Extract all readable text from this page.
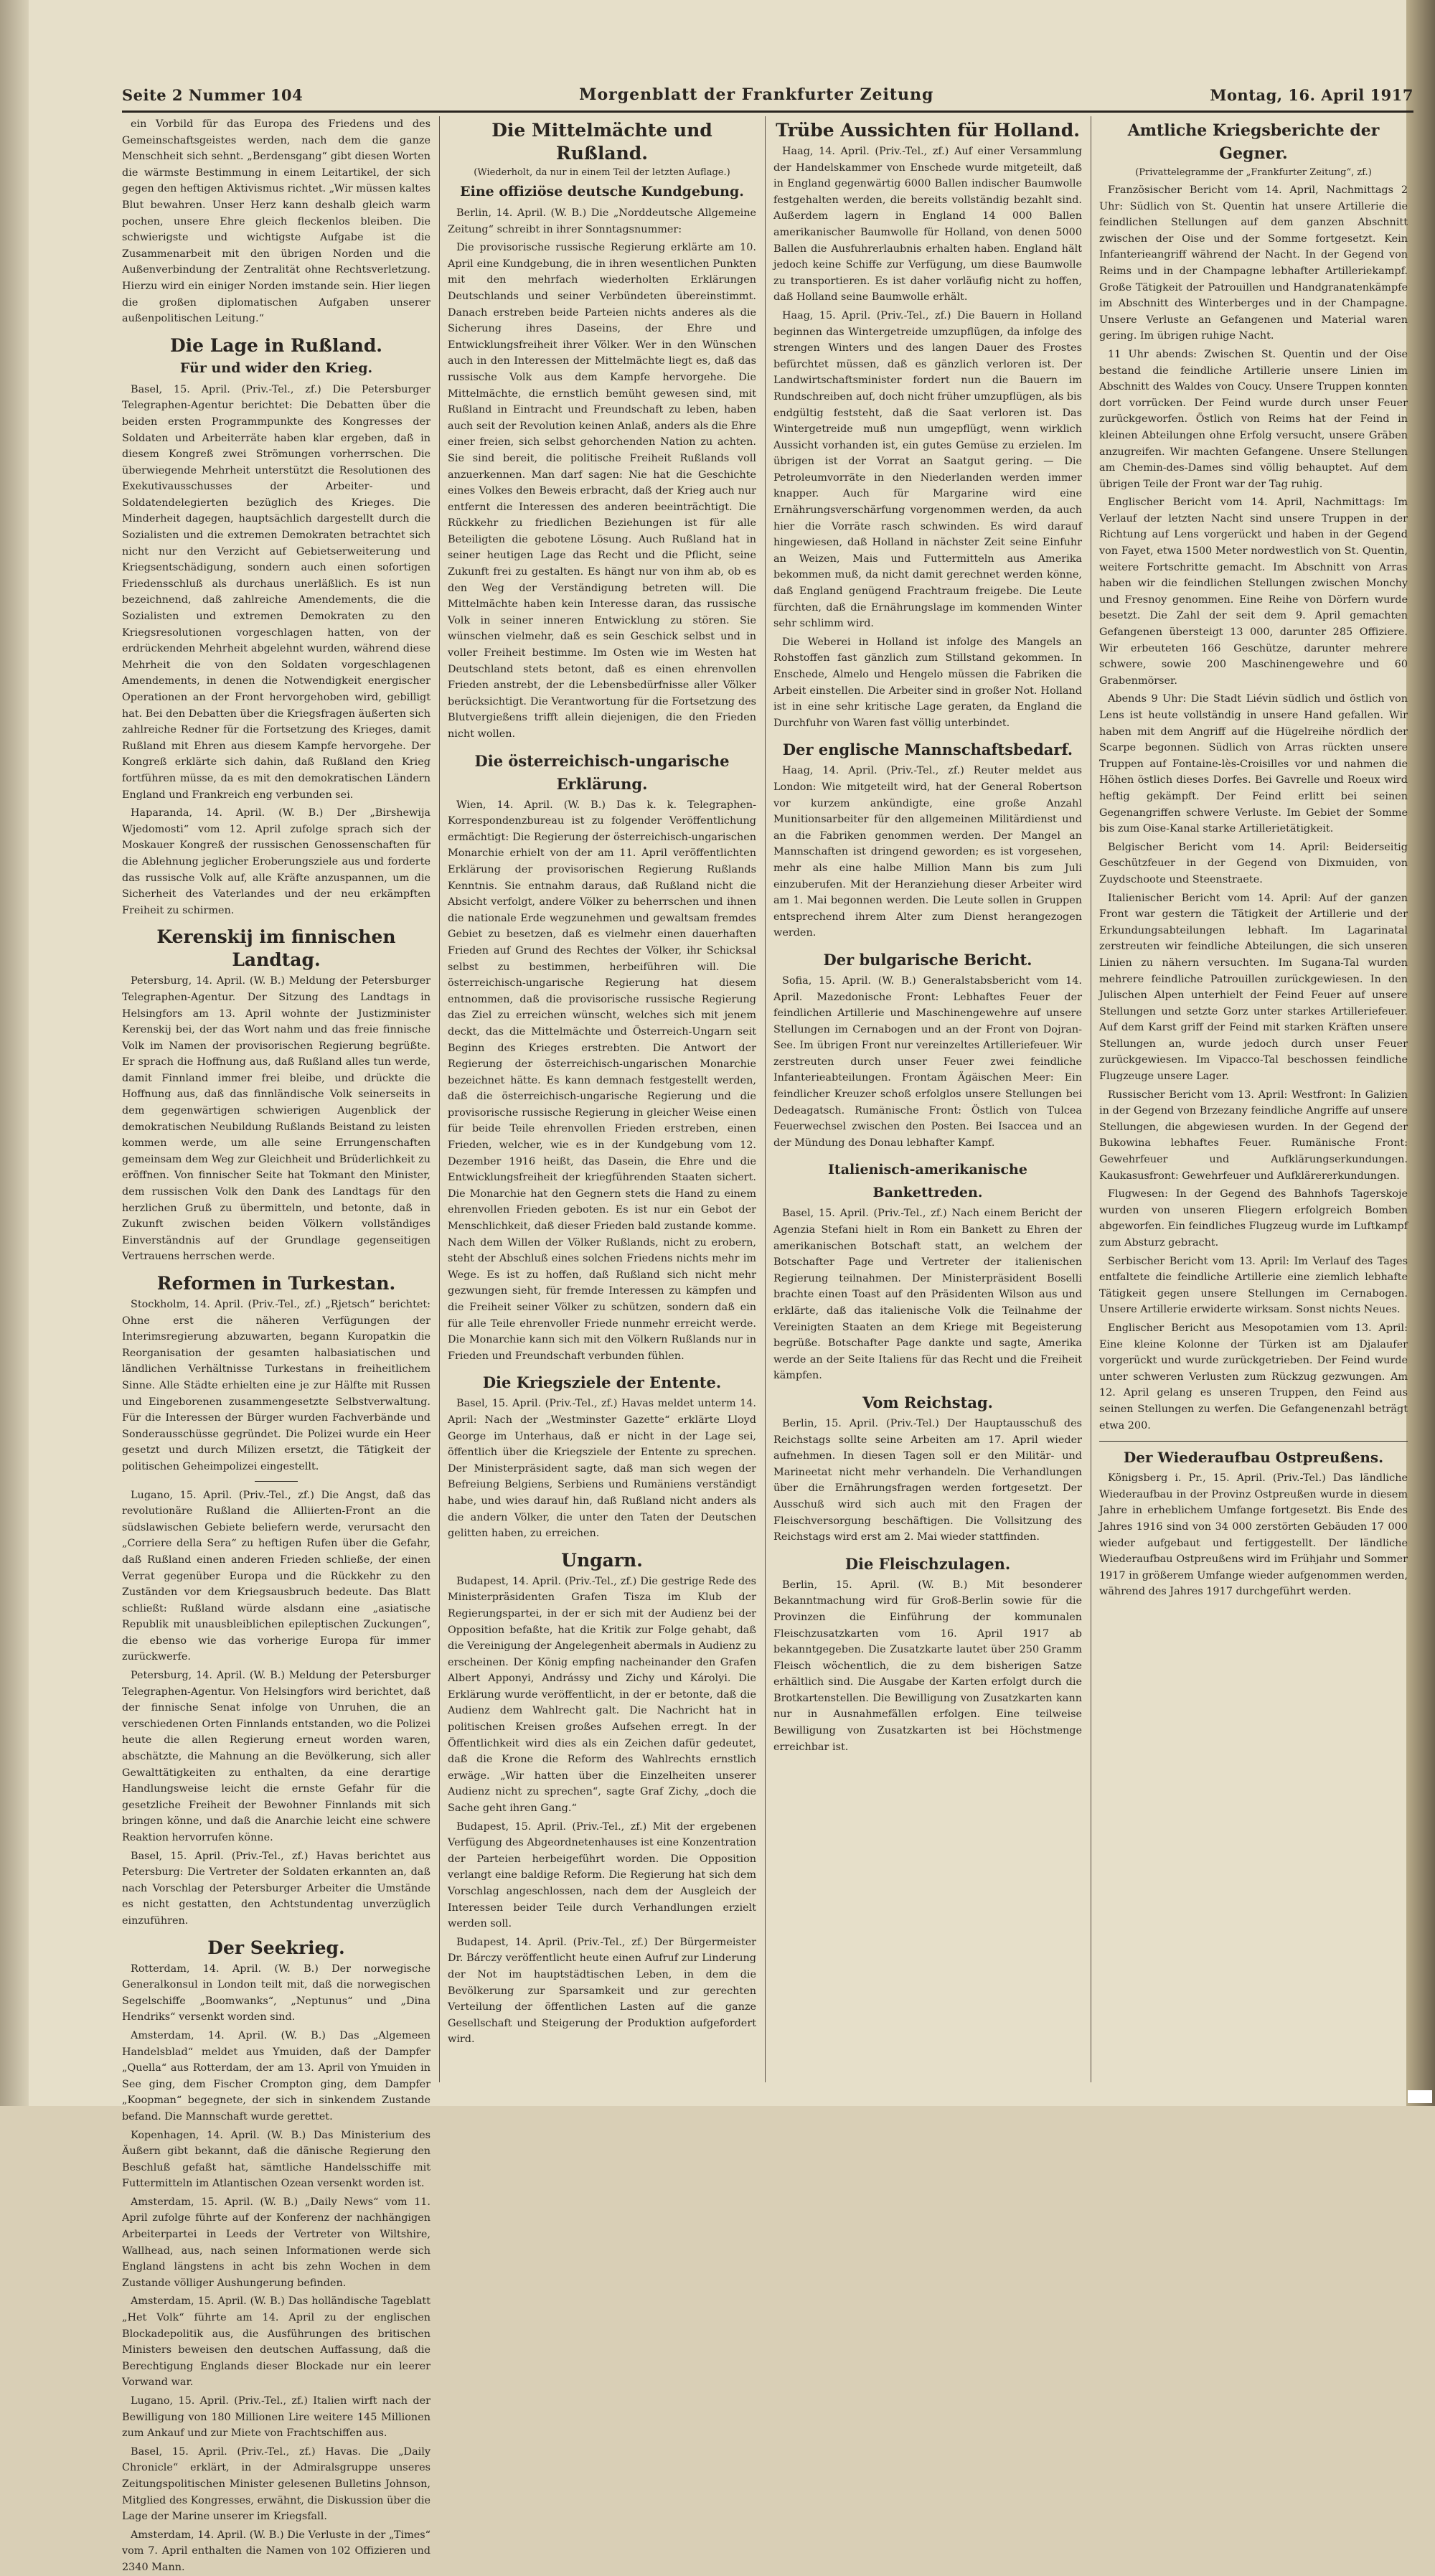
Seite 2 Nummer 104	Morgenblatt der Frankfurter Zeitung	Montag, 16. April 1917

ein Vorbild für das Europa des Friedens und des Gemeinschaftsgeistes werden, nach dem die ganze Menschheit sich sehnt. „Berdensgang“ gibt diesen Worten die wärmste Bestimmung in einem Leitartikel, der sich gegen den heftigen Aktivismus richtet. „Wir müssen kaltes Blut bewahren. Unser Herz kann deshalb gleich warm pochen, unsere Ehre gleich fleckenlos bleiben. Die schwierigste und wichtigste Aufgabe ist die Zusammenarbeit mit den übrigen Norden und die Außenverbindung der Zentralität ohne Rechtsverletzung. Hierzu wird ein einiger Norden imstande sein. Hier liegen die großen diplomatischen Aufgaben unserer außenpolitischen Leitung.“

Die Lage in Rußland.
Für und wider den Krieg.

Basel, 15. April. (Priv.-Tel., zf.) Die Petersburger Telegraphen-Agentur berichtet: Die Debatten über die beiden ersten Programmpunkte des Kongresses der Soldaten und Arbeiterräte haben klar ergeben, daß in diesem Kongreß zwei Strömungen vorherrschen. Die überwiegende Mehrheit unterstützt die Resolutionen des Exekutivausschusses der Arbeiter- und Soldatendelegierten bezüglich des Krieges. Die Minderheit dagegen, hauptsächlich dargestellt durch die Sozialisten und die extremen Demokraten betrachtet sich nicht nur den Verzicht auf Gebietserweiterung und Kriegsentschädigung, sondern auch einen sofortigen Friedensschluß als durchaus unerläßlich. Es ist nun bezeichnend, daß zahlreiche Amendements, die die Sozialisten und extremen Demokraten zu den Kriegsresolutionen vorgeschlagen hatten, von der erdrückenden Mehrheit abgelehnt wurden, während diese Mehrheit die von den Soldaten vorgeschlagenen Amendements, in denen die Notwendigkeit energischer Operationen an der Front hervorgehoben wird, gebilligt hat. Bei den Debatten über die Kriegsfragen äußerten sich zahlreiche Redner für die Fortsetzung des Krieges, damit Rußland mit Ehren aus diesem Kampfe hervorgehe. Der Kongreß erklärte sich dahin, daß Rußland den Krieg fortführen müsse, da es mit den demokratischen Ländern England und Frankreich eng verbunden sei.

Haparanda, 14. April. (W. B.) Der „Birshewija Wjedomosti“ vom 12. April zufolge sprach sich der Moskauer Kongreß der russischen Genossenschaften für die Ablehnung jeglicher Eroberungsziele aus und forderte das russische Volk auf, alle Kräfte anzuspannen, um die Sicherheit des Vaterlandes und der neu erkämpften Freiheit zu schirmen.

Kerenskij im finnischen Landtag.

Petersburg, 14. April. (W. B.) Meldung der Petersburger Telegraphen-Agentur. Der Sitzung des Landtags in Helsingfors am 13. April wohnte der Justizminister Kerenskij bei, der das Wort nahm und das freie finnische Volk im Namen der provisorischen Regierung begrüßte. Er sprach die Hoffnung aus, daß Rußland alles tun werde, damit Finnland immer frei bleibe, und drückte die Hoffnung aus, daß das finnländische Volk seinerseits in dem gegenwärtigen schwierigen Augenblick der demokratischen Neubildung Rußlands Beistand zu leisten kommen werde, um alle seine Errungenschaften gemeinsam dem Weg zur Gleichheit und Brüderlichkeit zu eröffnen. Von finnischer Seite hat Tokmant den Minister, dem russischen Volk den Dank des Landtags für den herzlichen Gruß zu übermitteln, und betonte, daß in Zukunft zwischen beiden Völkern vollständiges Einverständnis auf der Grundlage gegenseitigen Vertrauens herrschen werde.

Reformen in Turkestan.

Stockholm, 14. April. (Priv.-Tel., zf.) „Rjetsch“ berichtet: Ohne erst die näheren Verfügungen der Interimsregierung abzuwarten, begann Kuropatkin die Reorganisation der gesamten halbasiatischen und ländlichen Verhältnisse Turkestans in freiheitlichem Sinne. Alle Städte erhielten eine je zur Hälfte mit Russen und Eingeborenen zusammengesetzte Selbstverwaltung. Für die Interessen der Bürger wurden Fachverbände und Sonderausschüsse gegründet. Die Polizei wurde ein Heer gesetzt und durch Milizen ersetzt, die Tätigkeit der politischen Geheimpolizei eingestellt.

Lugano, 15. April. (Priv.-Tel., zf.) Die Angst, daß das revolutionäre Rußland die Alliierten-Front an die südslawischen Gebiete beliefern werde, verursacht den „Corriere della Sera“ zu heftigen Rufen über die Gefahr, daß Rußland einen anderen Frieden schließe, der einen Verrat gegenüber Europa und die Rückkehr zu den Zuständen vor dem Kriegsausbruch bedeute. Das Blatt schließt: Rußland würde alsdann eine „asiatische Republik mit unausbleiblichen epileptischen Zuckungen“, die ebenso wie das vorherige Europa für immer zurückwerfe.

Petersburg, 14. April. (W. B.) Meldung der Petersburger Telegraphen-Agentur. Von Helsingfors wird berichtet, daß der finnische Senat infolge von Unruhen, die an verschiedenen Orten Finnlands entstanden, wo die Polizei heute die allen Regierung erneut worden waren, abschätzte, die Mahnung an die Bevölkerung, sich aller Gewalttätigkeiten zu enthalten, da eine derartige Handlungsweise leicht die ernste Gefahr für die gesetzliche Freiheit der Bewohner Finnlands mit sich bringen könne, und daß die Anarchie leicht eine schwere Reaktion hervorrufen könne.

Basel, 15. April. (Priv.-Tel., zf.) Havas berichtet aus Petersburg: Die Vertreter der Soldaten erkannten an, daß nach Vorschlag der Petersburger Arbeiter die Umstände es nicht gestatten, den Achtstundentag unverzüglich einzuführen.

Der Seekrieg.

Rotterdam, 14. April. (W. B.) Der norwegische Generalkonsul in London teilt mit, daß die norwegischen Segelschiffe „Boomwanks“, „Neptunus“ und „Dina Hendriks“ versenkt worden sind.

Amsterdam, 14. April. (W. B.) Das „Algemeen Handelsblad“ meldet aus Ymuiden, daß der Dampfer „Quella“ aus Rotterdam, der am 13. April von Ymuiden in See ging, dem Fischer Crompton ging, dem Dampfer „Koopman“ begegnete, der sich in sinkendem Zustande befand. Die Mannschaft wurde gerettet.

Kopenhagen, 14. April. (W. B.) Das Ministerium des Äußern gibt bekannt, daß die dänische Regierung den Beschluß gefaßt hat, sämtliche Handelsschiffe mit Futtermitteln im Atlantischen Ozean versenkt worden ist.

Amsterdam, 15. April. (W. B.) „Daily News“ vom 11. April zufolge führte auf der Konferenz der nachhängigen Arbeiterpartei in Leeds der Vertreter von Wiltshire, Wallhead, aus, nach seinen Informationen werde sich England längstens in acht bis zehn Wochen in dem Zustande völliger Aushungerung befinden.

Amsterdam, 15. April. (W. B.) Das holländische Tageblatt „Het Volk“ führte am 14. April zu der englischen Blockadepolitik aus, die Ausführungen des britischen Ministers beweisen den deutschen Auffassung, daß die Berechtigung Englands dieser Blockade nur ein leerer Vorwand war.

Lugano, 15. April. (Priv.-Tel., zf.) Italien wirft nach der Bewilligung von 180 Millionen Lire weitere 145 Millionen zum Ankauf und zur Miete von Frachtschiffen aus.

Basel, 15. April. (Priv.-Tel., zf.) Havas. Die „Daily Chronicle“ erklärt, in der Admiralsgruppe unseres Zeitungspolitischen Minister gelesenen Bulletins Johnson, Mitglied des Kongresses, erwähnt, die Diskussion über die Lage der Marine unserer im Kriegsfall.

Amsterdam, 14. April. (W. B.) Die Verluste in der „Times“ vom 7. April enthalten die Namen von 102 Offizieren und 2340 Mann.

Die Mittelmächte und Rußland.
(Wiederholt, da nur in einem Teil der letzten Auflage.)
Eine offiziöse deutsche Kundgebung.

Berlin, 14. April. (W. B.) Die „Norddeutsche Allgemeine Zeitung“ schreibt in ihrer Sonntagsnummer:

Die provisorische russische Regierung erklärte am 10. April eine Kundgebung, die in ihren wesentlichen Punkten mit den mehrfach wiederholten Erklärungen Deutschlands und seiner Verbündeten übereinstimmt. Danach erstreben beide Parteien nichts anderes als die Sicherung ihres Daseins, der Ehre und Entwicklungsfreiheit ihrer Völker. Wer in den Wünschen auch in den Interessen der Mittelmächte liegt es, daß das russische Volk aus dem Kampfe hervorgehe. Die Mittelmächte, die ernstlich bemüht gewesen sind, mit Rußland in Eintracht und Freundschaft zu leben, haben auch seit der Revolution keinen Anlaß, anders als die Ehre einer freien, sich selbst gehorchenden Nation zu achten. Sie sind bereit, die politische Freiheit Rußlands voll anzuerkennen. Man darf sagen: Nie hat die Geschichte eines Volkes den Beweis erbracht, daß der Krieg auch nur entfernt die Interessen des anderen beeinträchtigt. Die Rückkehr zu friedlichen Beziehungen ist für alle Beteiligten die gebotene Lösung. Auch Rußland hat in seiner heutigen Lage das Recht und die Pflicht, seine Zukunft frei zu gestalten. Es hängt nur von ihm ab, ob es den Weg der Verständigung betreten will. Die Mittelmächte haben kein Interesse daran, das russische Volk in seiner inneren Entwicklung zu stören. Sie wünschen vielmehr, daß es sein Geschick selbst und in voller Freiheit bestimme. Im Osten wie im Westen hat Deutschland stets betont, daß es einen ehrenvollen Frieden anstrebt, der die Lebensbedürfnisse aller Völker berücksichtigt. Die Verantwortung für die Fortsetzung des Blutvergießens trifft allein diejenigen, die den Frieden nicht wollen.

Die österreichisch-ungarische Erklärung.

Wien, 14. April. (W. B.) Das k. k. Telegraphen-Korrespondenzbureau ist zu folgender Veröffentlichung ermächtigt: Die Regierung der österreichisch-ungarischen Monarchie erhielt von der am 11. April veröffentlichten Erklärung der provisorischen Regierung Rußlands Kenntnis. Sie entnahm daraus, daß Rußland nicht die Absicht verfolgt, andere Völker zu beherrschen und ihnen die nationale Erde wegzunehmen und gewaltsam fremdes Gebiet zu besetzen, daß es vielmehr einen dauerhaften Frieden auf Grund des Rechtes der Völker, ihr Schicksal selbst zu bestimmen, herbeiführen will. Die österreichisch-ungarische Regierung hat diesem entnommen, daß die provisorische russische Regierung das Ziel zu erreichen wünscht, welches sich mit jenem deckt, das die Mittelmächte und Österreich-Ungarn seit Beginn des Krieges erstrebten. Die Antwort der Regierung der österreichisch-ungarischen Monarchie bezeichnet hätte. Es kann demnach festgestellt werden, daß die österreichisch-ungarische Regierung und die provisorische russische Regierung in gleicher Weise einen für beide Teile ehrenvollen Frieden erstreben, einen Frieden, welcher, wie es in der Kundgebung vom 12. Dezember 1916 heißt, das Dasein, die Ehre und die Entwicklungsfreiheit der kriegführenden Staaten sichert. Die Monarchie hat den Gegnern stets die Hand zu einem ehrenvollen Frieden geboten. Es ist nur ein Gebot der Menschlichkeit, daß dieser Frieden bald zustande komme. Nach dem Willen der Völker Rußlands, nicht zu erobern, steht der Abschluß eines solchen Friedens nichts mehr im Wege. Es ist zu hoffen, daß Rußland sich nicht mehr gezwungen sieht, für fremde Interessen zu kämpfen und die Freiheit seiner Völker zu schützen, sondern daß ein für alle Teile ehrenvoller Friede nunmehr erreicht werde. Die Monarchie kann sich mit den Völkern Rußlands nur in Frieden und Freundschaft verbunden fühlen.

Die Kriegsziele der Entente.

Basel, 15. April. (Priv.-Tel., zf.) Havas meldet unterm 14. April: Nach der „Westminster Gazette“ erklärte Lloyd George im Unterhaus, daß er nicht in der Lage sei, öffentlich über die Kriegsziele der Entente zu sprechen. Der Ministerpräsident sagte, daß man sich wegen der Befreiung Belgiens, Serbiens und Rumäniens verständigt habe, und wies darauf hin, daß Rußland nicht anders als die andern Völker, die unter den Taten der Deutschen gelitten haben, zu erreichen.

Ungarn.

Budapest, 14. April. (Priv.-Tel., zf.) Die gestrige Rede des Ministerpräsidenten Grafen Tisza im Klub der Regierungspartei, in der er sich mit der Audienz bei der Opposition befaßte, hat die Kritik zur Folge gehabt, daß die Vereinigung der Angelegenheit abermals in Audienz zu erscheinen. Der König empfing nacheinander den Grafen Albert Apponyi, Andrássy und Zichy und Károlyi. Die Erklärung wurde veröffentlicht, in der er betonte, daß die Audienz dem Wahlrecht galt. Die Nachricht hat in politischen Kreisen großes Aufsehen erregt. In der Öffentlichkeit wird dies als ein Zeichen dafür gedeutet, daß die Krone die Reform des Wahlrechts ernstlich erwäge. „Wir hatten über die Einzelheiten unserer Audienz nicht zu sprechen“, sagte Graf Zichy, „doch die Sache geht ihren Gang.“

Budapest, 15. April. (Priv.-Tel., zf.) Mit der ergebenen Verfügung des Abgeordnetenhauses ist eine Konzentration der Parteien herbeigeführt worden. Die Opposition verlangt eine baldige Reform. Die Regierung hat sich dem Vorschlag angeschlossen, nach dem der Ausgleich der Interessen beider Teile durch Verhandlungen erzielt werden soll.

Budapest, 14. April. (Priv.-Tel., zf.) Der Bürgermeister Dr. Bárczy veröffentlicht heute einen Aufruf zur Linderung der Not im hauptstädtischen Leben, in dem die Bevölkerung zur Sparsamkeit und zur gerechten Verteilung der öffentlichen Lasten auf die ganze Gesellschaft und Steigerung der Produktion aufgefordert wird.

Trübe Aussichten für Holland.

Haag, 14. April. (Priv.-Tel., zf.) Auf einer Versammlung der Handelskammer von Enschede wurde mitgeteilt, daß in England gegenwärtig 6000 Ballen indischer Baumwolle festgehalten werden, die bereits vollständig bezahlt sind. Außerdem lagern in England 14 000 Ballen amerikanischer Baumwolle für Holland, von denen 5000 Ballen die Ausfuhrerlaubnis erhalten haben. England hält jedoch keine Schiffe zur Verfügung, um diese Baumwolle zu transportieren. Es ist daher vorläufig nicht zu hoffen, daß Holland seine Baumwolle erhält.

Haag, 15. April. (Priv.-Tel., zf.) Die Bauern in Holland beginnen das Wintergetreide umzupflügen, da infolge des strengen Winters und des langen Dauer des Frostes befürchtet müssen, daß es gänzlich verloren ist. Der Landwirtschaftsminister fordert nun die Bauern im Rundschreiben auf, doch nicht früher umzupflügen, als bis endgültig feststeht, daß die Saat verloren ist. Das Wintergetreide muß nun umgepflügt, wenn wirklich Aussicht vorhanden ist, ein gutes Gemüse zu erzielen. Im übrigen ist der Vorrat an Saatgut gering. — Die Petroleumvorräte in den Niederlanden werden immer knapper. Auch für Margarine wird eine Ernährungsverschärfung vorgenommen werden, da auch hier die Vorräte rasch schwinden. Es wird darauf hingewiesen, daß Holland in nächster Zeit seine Einfuhr an Weizen, Mais und Futtermitteln aus Amerika bekommen muß, da nicht damit gerechnet werden könne, daß England genügend Frachtraum freigebe. Die Leute fürchten, daß die Ernährungslage im kommenden Winter sehr schlimm wird.

Die Weberei in Holland ist infolge des Mangels an Rohstoffen fast gänzlich zum Stillstand gekommen. In Enschede, Almelo und Hengelo müssen die Fabriken die Arbeit einstellen. Die Arbeiter sind in großer Not. Holland ist in eine sehr kritische Lage geraten, da England die Durchfuhr von Waren fast völlig unterbindet.

Der englische Mannschaftsbedarf.

Haag, 14. April. (Priv.-Tel., zf.) Reuter meldet aus London: Wie mitgeteilt wird, hat der General Robertson vor kurzem ankündigte, eine große Anzahl Munitionsarbeiter für den allgemeinen Militärdienst und an die Fabriken genommen werden. Der Mangel an Mannschaften ist dringend geworden; es ist vorgesehen, mehr als eine halbe Million Mann bis zum Juli einzuberufen. Mit der Heranziehung dieser Arbeiter wird am 1. Mai begonnen werden. Die Leute sollen in Gruppen entsprechend ihrem Alter zum Dienst herangezogen werden.

Der bulgarische Bericht.

Sofia, 15. April. (W. B.) Generalstabsbericht vom 14. April. Mazedonische Front: Lebhaftes Feuer der feindlichen Artillerie und Maschinengewehre auf unsere Stellungen im Cernabogen und an der Front von Dojran-See. Im übrigen Front nur vereinzeltes Artilleriefeuer. Wir zerstreuten durch unser Feuer zwei feindliche Infanterieabteilungen. Frontam Ägäischen Meer: Ein feindlicher Kreuzer schoß erfolglos unsere Stellungen bei Dedeagatsch. Rumänische Front: Östlich von Tulcea Feuerwechsel zwischen den Posten. Bei Isaccea und an der Mündung des Donau lebhafter Kampf.

Italienisch-amerikanische Bankettreden.

Basel, 15. April. (Priv.-Tel., zf.) Nach einem Bericht der Agenzia Stefani hielt in Rom ein Bankett zu Ehren der amerikanischen Botschaft statt, an welchem der Botschafter Page und Vertreter der italienischen Regierung teilnahmen. Der Ministerpräsident Boselli brachte einen Toast auf den Präsidenten Wilson aus und erklärte, daß das italienische Volk die Teilnahme der Vereinigten Staaten an dem Kriege mit Begeisterung begrüße. Botschafter Page dankte und sagte, Amerika werde an der Seite Italiens für das Recht und die Freiheit kämpfen.

Vom Reichstag.

Berlin, 15. April. (Priv.-Tel.) Der Hauptausschuß des Reichstags sollte seine Arbeiten am 17. April wieder aufnehmen. In diesen Tagen soll er den Militär- und Marineetat nicht mehr verhandeln. Die Verhandlungen über die Ernährungsfragen werden fortgesetzt. Der Ausschuß wird sich auch mit den Fragen der Fleischversorgung beschäftigen. Die Vollsitzung des Reichstags wird erst am 2. Mai wieder stattfinden.

Die Fleischzulagen.

Berlin, 15. April. (W. B.) Mit besonderer Bekanntmachung wird für Groß-Berlin sowie für die Provinzen die Einführung der kommunalen Fleischzusatzkarten vom 16. April 1917 ab bekanntgegeben. Die Zusatzkarte lautet über 250 Gramm Fleisch wöchentlich, die zu dem bisherigen Satze erhältlich sind. Die Ausgabe der Karten erfolgt durch die Brotkartenstellen. Die Bewilligung von Zusatzkarten kann nur in Ausnahmefällen erfolgen. Eine teilweise Bewilligung von Zusatzkarten ist bei Höchstmenge erreichbar ist.

Amtliche Kriegsberichte der Gegner.
(Privattelegramme der „Frankfurter Zeitung“, zf.)

Französischer Bericht vom 14. April, Nachmittags 2 Uhr: Südlich von St. Quentin hat unsere Artillerie die feindlichen Stellungen auf dem ganzen Abschnitt zwischen der Oise und der Somme fortgesetzt. Kein Infanterieangriff während der Nacht. In der Gegend von Reims und in der Champagne lebhafter Artilleriekampf. Große Tätigkeit der Patrouillen und Handgranatenkämpfe im Abschnitt des Winterberges und in der Champagne. Unsere Verluste an Gefangenen und Material waren gering. Im übrigen ruhige Nacht.

11 Uhr abends: Zwischen St. Quentin und der Oise bestand die feindliche Artillerie unsere Linien im Abschnitt des Waldes von Coucy. Unsere Truppen konnten dort vorrücken. Der Feind wurde durch unser Feuer zurückgeworfen. Östlich von Reims hat der Feind in kleinen Abteilungen ohne Erfolg versucht, unsere Gräben anzugreifen. Wir machten Gefangene. Unsere Stellungen am Chemin-des-Dames sind völlig behauptet. Auf dem übrigen Teile der Front war der Tag ruhig.

Englischer Bericht vom 14. April, Nachmittags: Im Verlauf der letzten Nacht sind unsere Truppen in der Richtung auf Lens vorgerückt und haben in der Gegend von Fayet, etwa 1500 Meter nordwestlich von St. Quentin, weitere Fortschritte gemacht. Im Abschnitt von Arras haben wir die feindlichen Stellungen zwischen Monchy und Fresnoy genommen. Eine Reihe von Dörfern wurde besetzt. Die Zahl der seit dem 9. April gemachten Gefangenen übersteigt 13 000, darunter 285 Offiziere. Wir erbeuteten 166 Geschütze, darunter mehrere schwere, sowie 200 Maschinengewehre und 60 Grabenmörser.

Abends 9 Uhr: Die Stadt Liévin südlich und östlich von Lens ist heute vollständig in unsere Hand gefallen. Wir haben mit dem Angriff auf die Hügelreihe nördlich der Scarpe begonnen. Südlich von Arras rückten unsere Truppen auf Fontaine-lès-Croisilles vor und nahmen die Höhen östlich dieses Dorfes. Bei Gavrelle und Roeux wird heftig gekämpft. Der Feind erlitt bei seinen Gegenangriffen schwere Verluste. Im Gebiet der Somme bis zum Oise-Kanal starke Artillerietätigkeit.

Belgischer Bericht vom 14. April: Beiderseitig Geschützfeuer in der Gegend von Dixmuiden, von Zuydschoote und Steenstraete.

Italienischer Bericht vom 14. April: Auf der ganzen Front war gestern die Tätigkeit der Artillerie und der Erkundungsabteilungen lebhaft. Im Lagarinatal zerstreuten wir feindliche Abteilungen, die sich unseren Linien zu nähern versuchten. Im Sugana-Tal wurden mehrere feindliche Patrouillen zurückgewiesen. In den Julischen Alpen unterhielt der Feind Feuer auf unsere Stellungen und setzte Gorz unter starkes Artilleriefeuer. Auf dem Karst griff der Feind mit starken Kräften unsere Stellungen an, wurde jedoch durch unser Feuer zurückgewiesen. Im Vipacco-Tal beschossen feindliche Flugzeuge unsere Lager.

Russischer Bericht vom 13. April: Westfront: In Galizien in der Gegend von Brzezany feindliche Angriffe auf unsere Stellungen, die abgewiesen wurden. In der Gegend der Bukowina lebhaftes Feuer. Rumänische Front: Gewehrfeuer und Aufklärungserkundungen. Kaukasusfront: Gewehrfeuer und Aufklärererkundungen.

Flugwesen: In der Gegend des Bahnhofs Tagerskoje wurden von unseren Fliegern erfolgreich Bomben abgeworfen. Ein feindliches Flugzeug wurde im Luftkampf zum Absturz gebracht.

Serbischer Bericht vom 13. April: Im Verlauf des Tages entfaltete die feindliche Artillerie eine ziemlich lebhafte Tätigkeit gegen unsere Stellungen im Cernabogen. Unsere Artillerie erwiderte wirksam. Sonst nichts Neues.

Englischer Bericht aus Mesopotamien vom 13. April: Eine kleine Kolonne der Türken ist am Djalaufer vorgerückt und wurde zurückgetrieben. Der Feind wurde unter schweren Verlusten zum Rückzug gezwungen. Am 12. April gelang es unseren Truppen, den Feind aus seinen Stellungen zu werfen. Die Gefangenenzahl beträgt etwa 200.

Der Wiederaufbau Ostpreußens.

Königsberg i. Pr., 15. April. (Priv.-Tel.) Das ländliche Wiederaufbau in der Provinz Ostpreußen wurde in diesem Jahre in erheblichem Umfange fortgesetzt. Bis Ende des Jahres 1916 sind von 34 000 zerstörten Gebäuden 17 000 wieder aufgebaut und fertiggestellt. Der ländliche Wiederaufbau Ostpreußens wird im Frühjahr und Sommer 1917 in größerem Umfange wieder aufgenommen werden, während des Jahres 1917 durchgeführt werden.
